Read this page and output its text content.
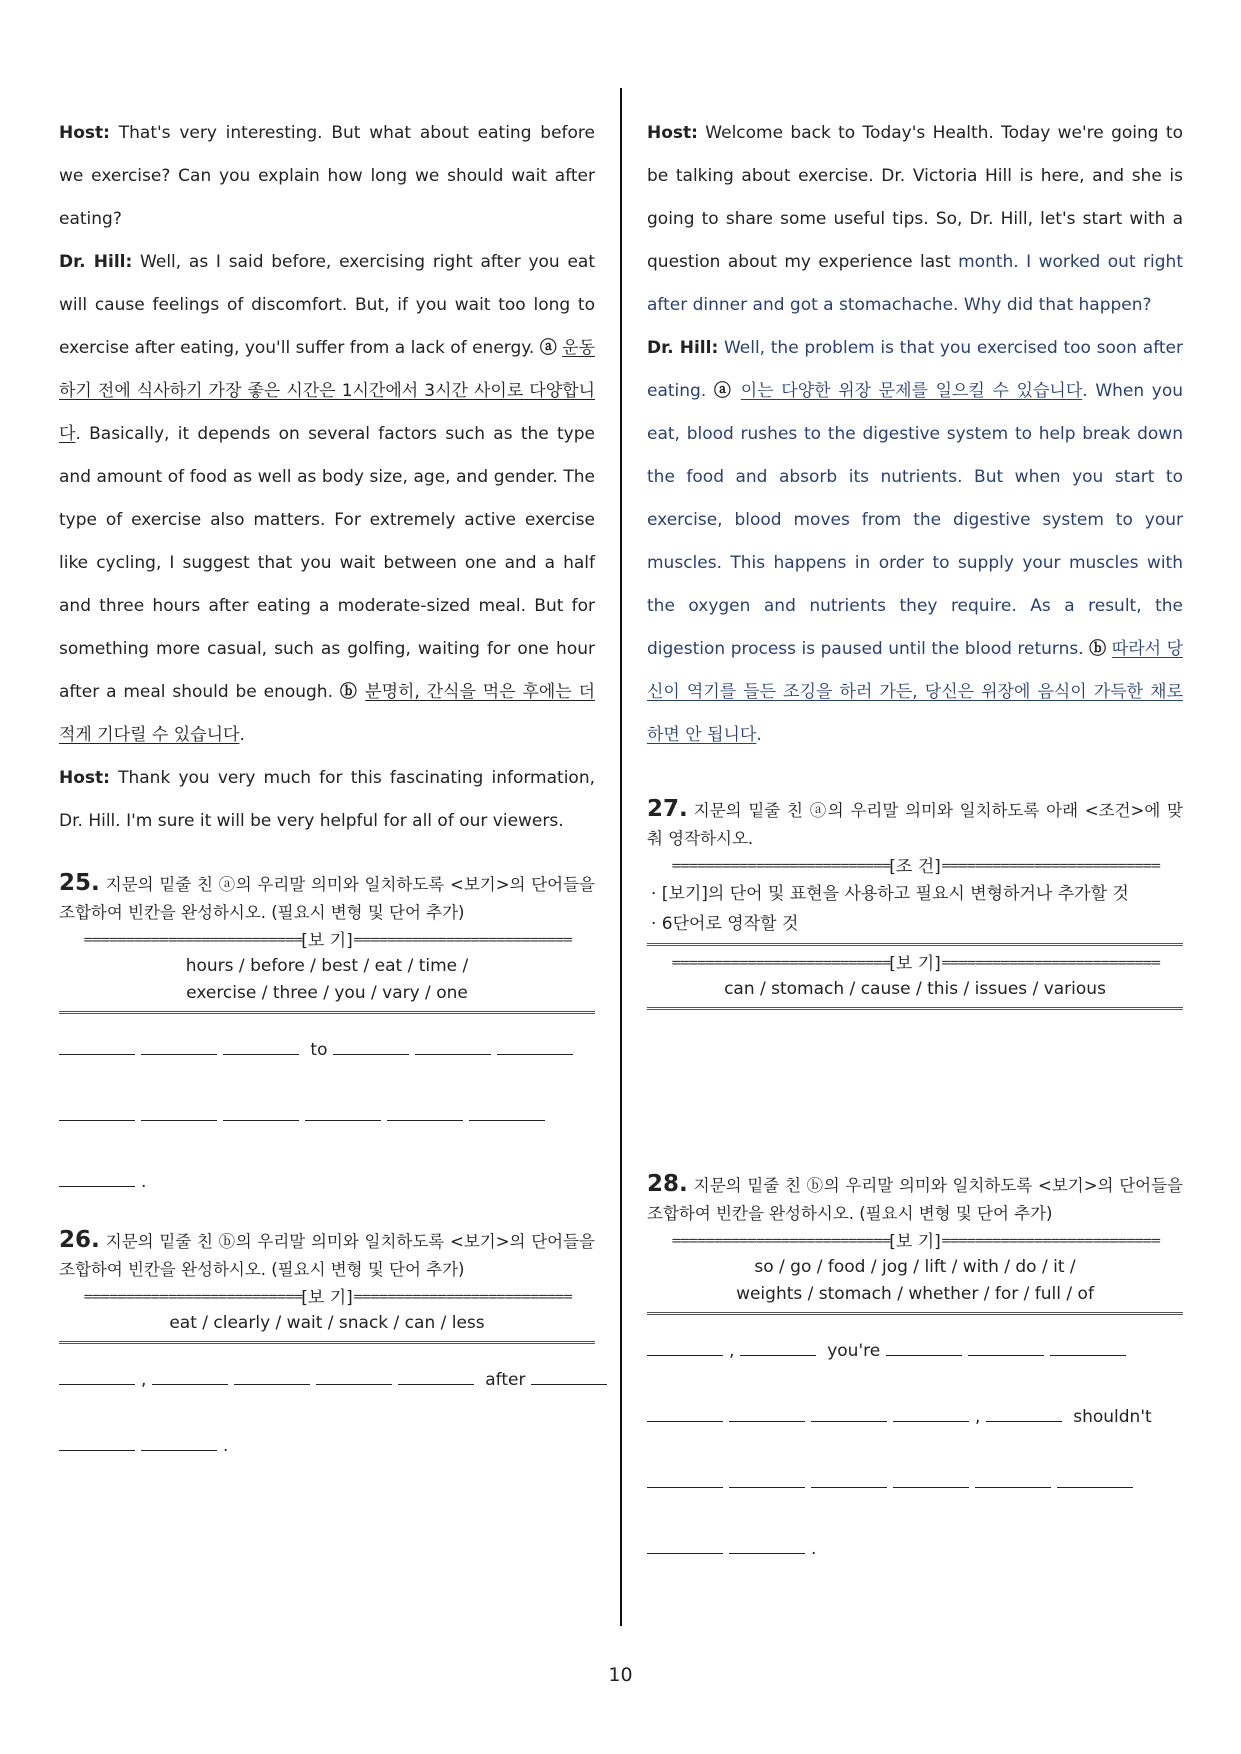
Host: That's very interesting. But what about eating before we exercise? Can you explain how long we should wait after eating?

Dr. Hill: Well, as I said before, exercising right after you eat will cause feelings of discomfort. But, if you wait too long to exercise after eating, you'll suffer from a lack of energy. ⓐ 운동하기 전에 식사하기 가장 좋은 시간은 1시간에서 3시간 사이로 다양합니다. Basically, it depends on several factors such as the type and amount of food as well as body size, age, and gender. The type of exercise also matters. For extremely active exercise like cycling, I suggest that you wait between one and a half and three hours after eating a moderate-sized meal. But for something more casual, such as golfing, waiting for one hour after a meal should be enough. ⓑ 분명히, 간식을 먹은 후에는 더 적게 기다릴 수 있습니다.

Host: Thank you very much for this fascinating information, Dr. Hill. I'm sure it will be very helpful for all of our viewers.

25. 지문의 밑줄 친 ⓐ의 우리말 의미와 일치하도록 <보기>의 단어들을 조합하여 빈칸을 완성하시오. (필요시 변형 및 단어 추가)
==========================[보 기]==========================
hours / before / best / eat / time /
exercise / three / you / vary / one
to
.
26. 지문의 밑줄 친 ⓑ의 우리말 의미와 일치하도록 <보기>의 단어들을 조합하여 빈칸을 완성하시오. (필요시 변형 및 단어 추가)
==========================[보 기]==========================
eat / clearly / wait / snack / can / less
,	after
.

Host: Welcome back to Today's Health. Today we're going to be talking about exercise. Dr. Victoria Hill is here, and she is going to share some useful tips. So, Dr. Hill, let's start with a question about my experience last month. I worked out right after dinner and got a stomachache. Why did that happen?

Dr. Hill: Well, the problem is that you exercised too soon after eating. ⓐ 이는 다양한 위장 문제를 일으킬 수 있습니다. When you eat, blood rushes to the digestive system to help break down the food and absorb its nutrients. But when you start to exercise, blood moves from the digestive system to your muscles. This happens in order to supply your muscles with the oxygen and nutrients they require. As a result, the digestion process is paused until the blood returns. ⓑ 따라서 당신이 역기를 들든 조깅을 하러 가든, 당신은 위장에 음식이 가득한 채로 하면 안 됩니다.

27. 지문의 밑줄 친 ⓐ의 우리말 의미와 일치하도록 아래 <조건>에 맞춰 영작하시오.
==========================[조 건]==========================
· [보기]의 단어 및 표현을 사용하고 필요시 변형하거나 추가할 것
· 6단어로 영작할 것
==========================[보 기]==========================
can / stomach / cause / this / issues / various
28. 지문의 밑줄 친 ⓑ의 우리말 의미와 일치하도록 <보기>의 단어들을 조합하여 빈칸을 완성하시오. (필요시 변형 및 단어 추가)
==========================[보 기]==========================
so / go / food / jog / lift / with / do / it /
weights / stomach / whether / for / full / of
,	you're
,	shouldn't
.
10
